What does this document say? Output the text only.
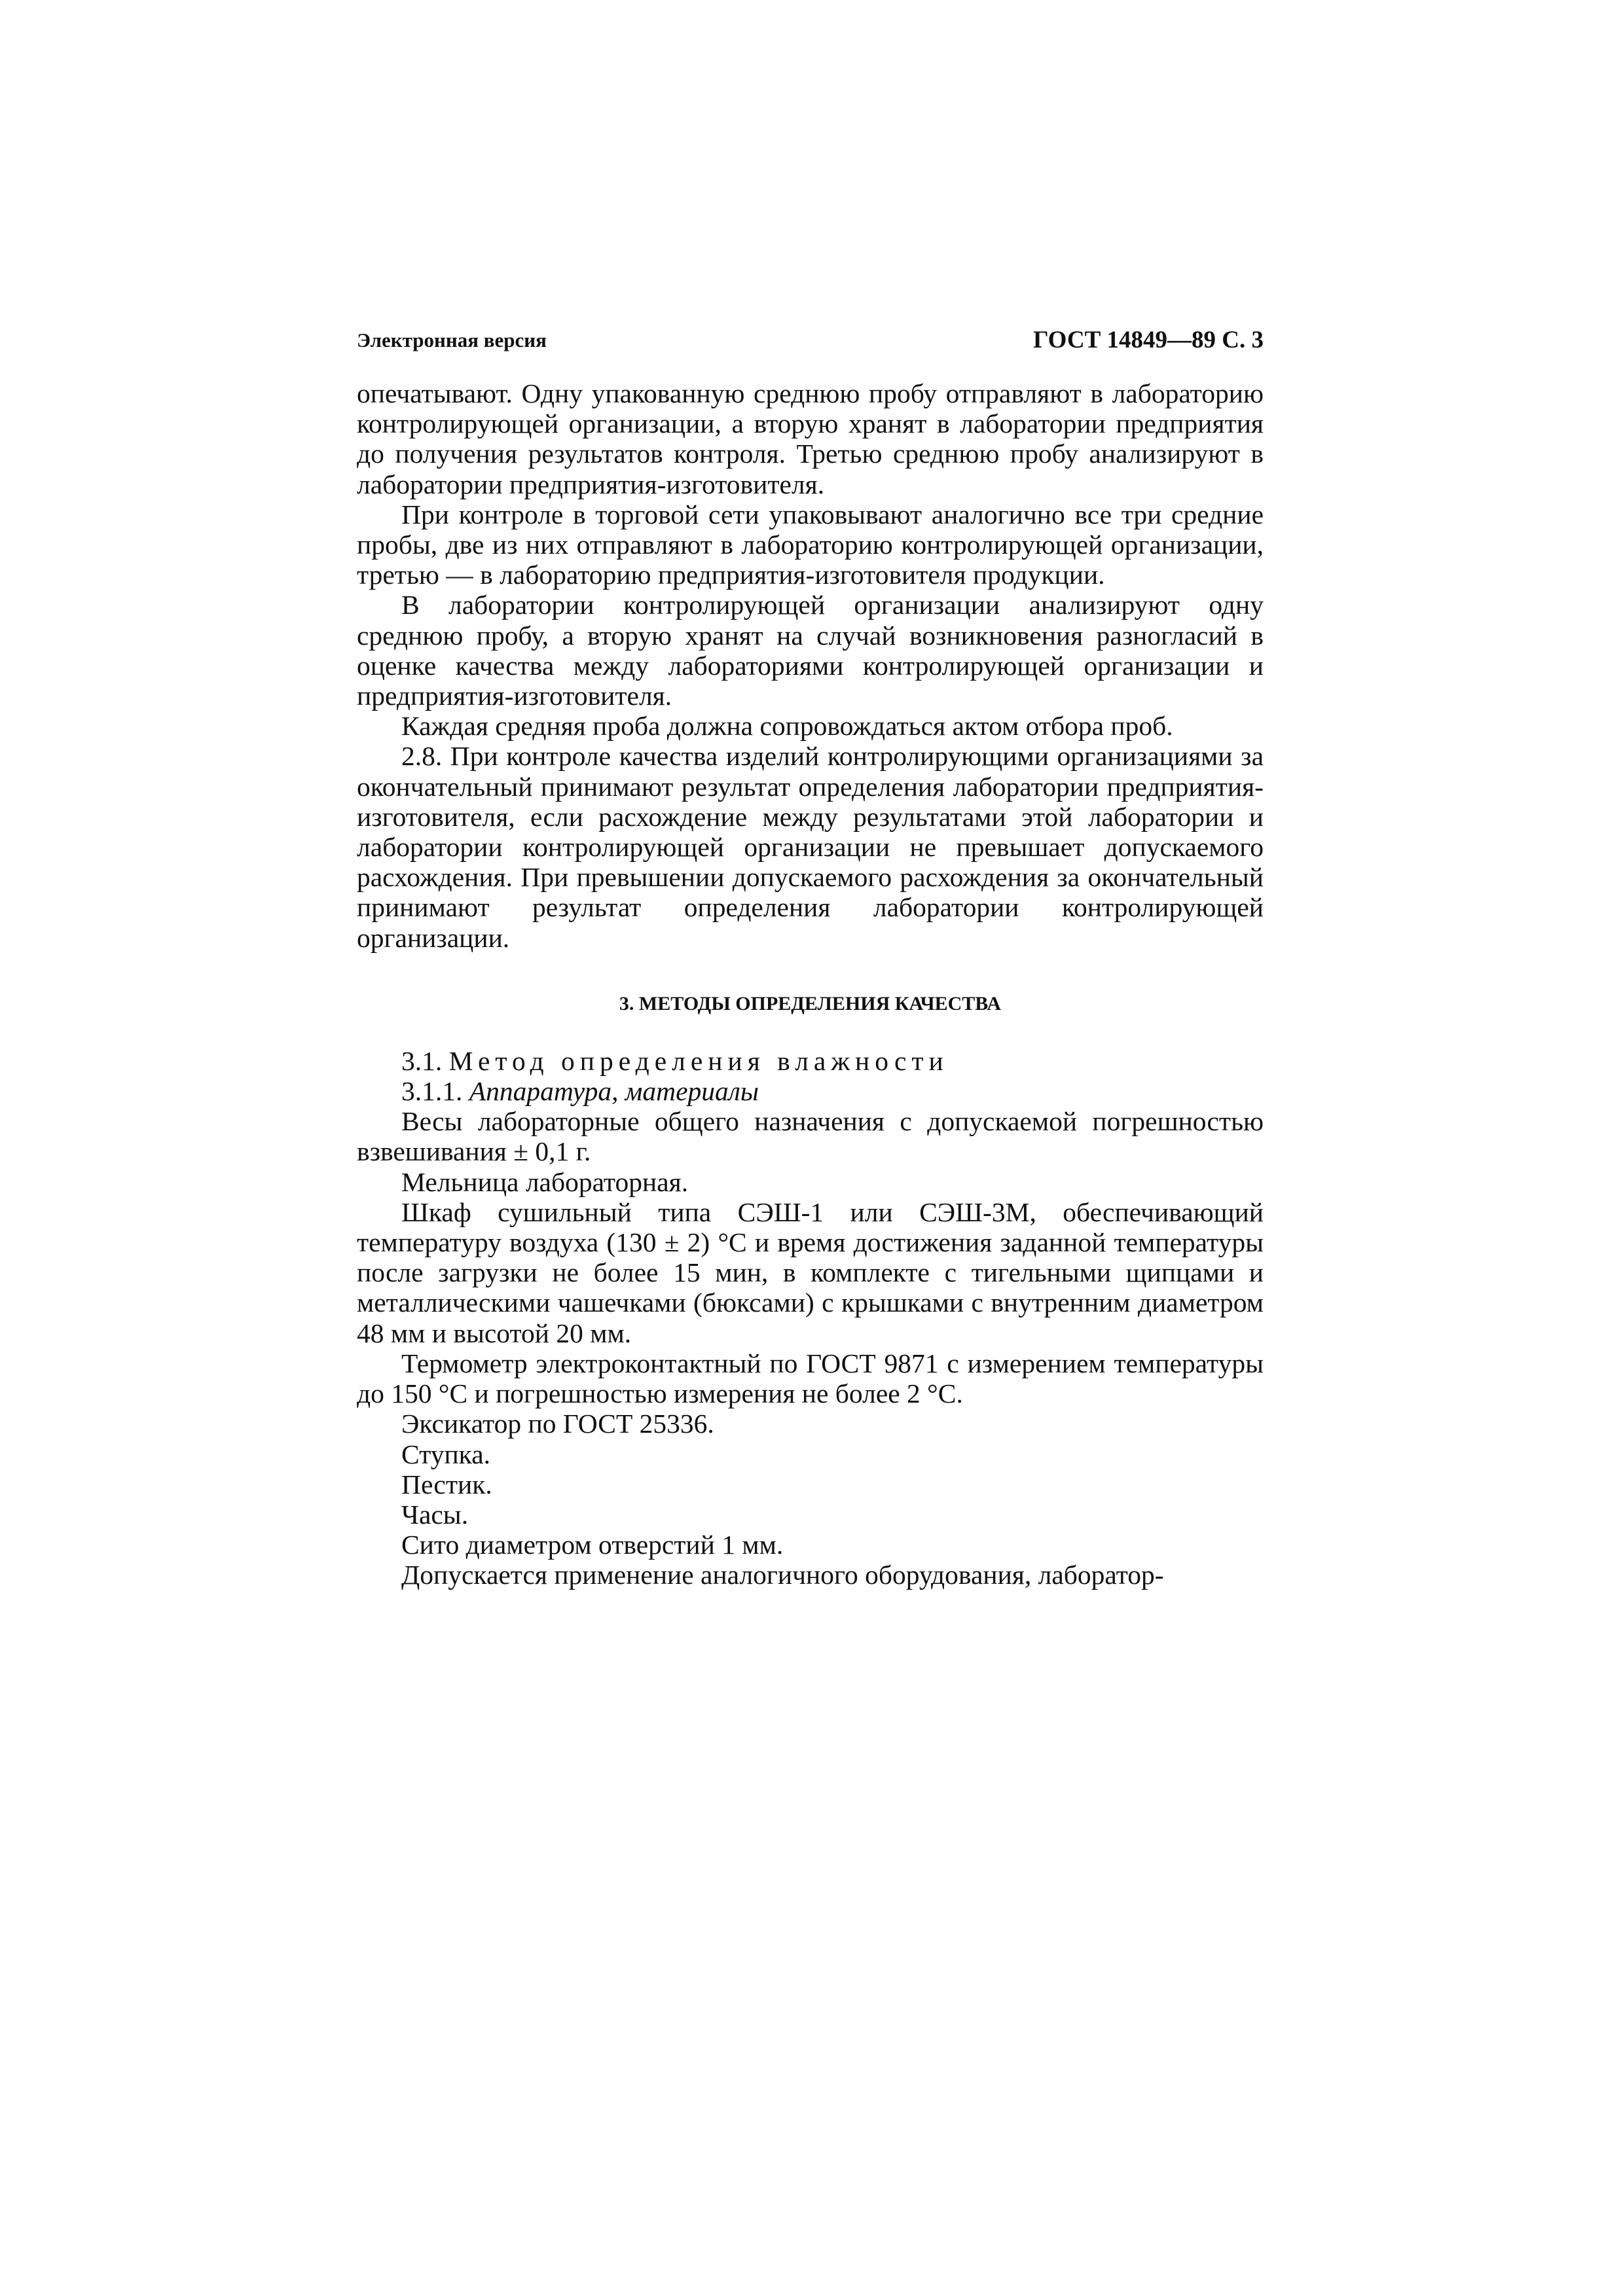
Электронная версия	ГОСТ 14849—89 С. 3

опечатывают. Одну упакованную среднюю пробу отправляют в лабораторию контролирующей организации, а вторую хранят в лаборатории предприятия до получения результатов контроля. Третью среднюю пробу анализируют в лаборатории предприятия-изготовителя.

При контроле в торговой сети упаковывают аналогично все три средние пробы, две из них отправляют в лабораторию контролирующей организации, третью — в лабораторию предприятия-изготовителя продукции.

В лаборатории контролирующей организации анализируют одну среднюю пробу, а вторую хранят на случай возникновения разногласий в оценке качества между лабораториями контролирующей организации и предприятия-изготовителя.

Каждая средняя проба должна сопровождаться актом отбора проб.

2.8. При контроле качества изделий контролирующими организациями за окончательный принимают результат определения лаборатории предприятия-изготовителя, если расхождение между результатами этой лаборатории и лаборатории контролирующей организации не превышает допускаемого расхождения. При превышении допускаемого расхождения за окончательный принимают результат определения лаборатории контролирующей организации.

3. МЕТОДЫ ОПРЕДЕЛЕНИЯ КАЧЕСТВА

3.1. Метод определения влажности

3.1.1. Аппаратура, материалы

Весы лабораторные общего назначения с допускаемой погрешностью взвешивания ± 0,1 г.

Мельница лабораторная.

Шкаф сушильный типа СЭШ-1 или СЭШ-3М, обеспечивающий температуру воздуха (130 ± 2) °С и время достижения заданной температуры после загрузки не более 15 мин, в комплекте с тигельными щипцами и металлическими чашечками (бюксами) с крышками с внутренним диаметром 48 мм и высотой 20 мм.

Термометр электроконтактный по ГОСТ 9871 с измерением температуры до 150 °С и погрешностью измерения не более 2 °С.

Эксикатор по ГОСТ 25336.

Ступка.

Пестик.

Часы.

Сито диаметром отверстий 1 мм.

Допускается применение аналогичного оборудования, лаборатор-
